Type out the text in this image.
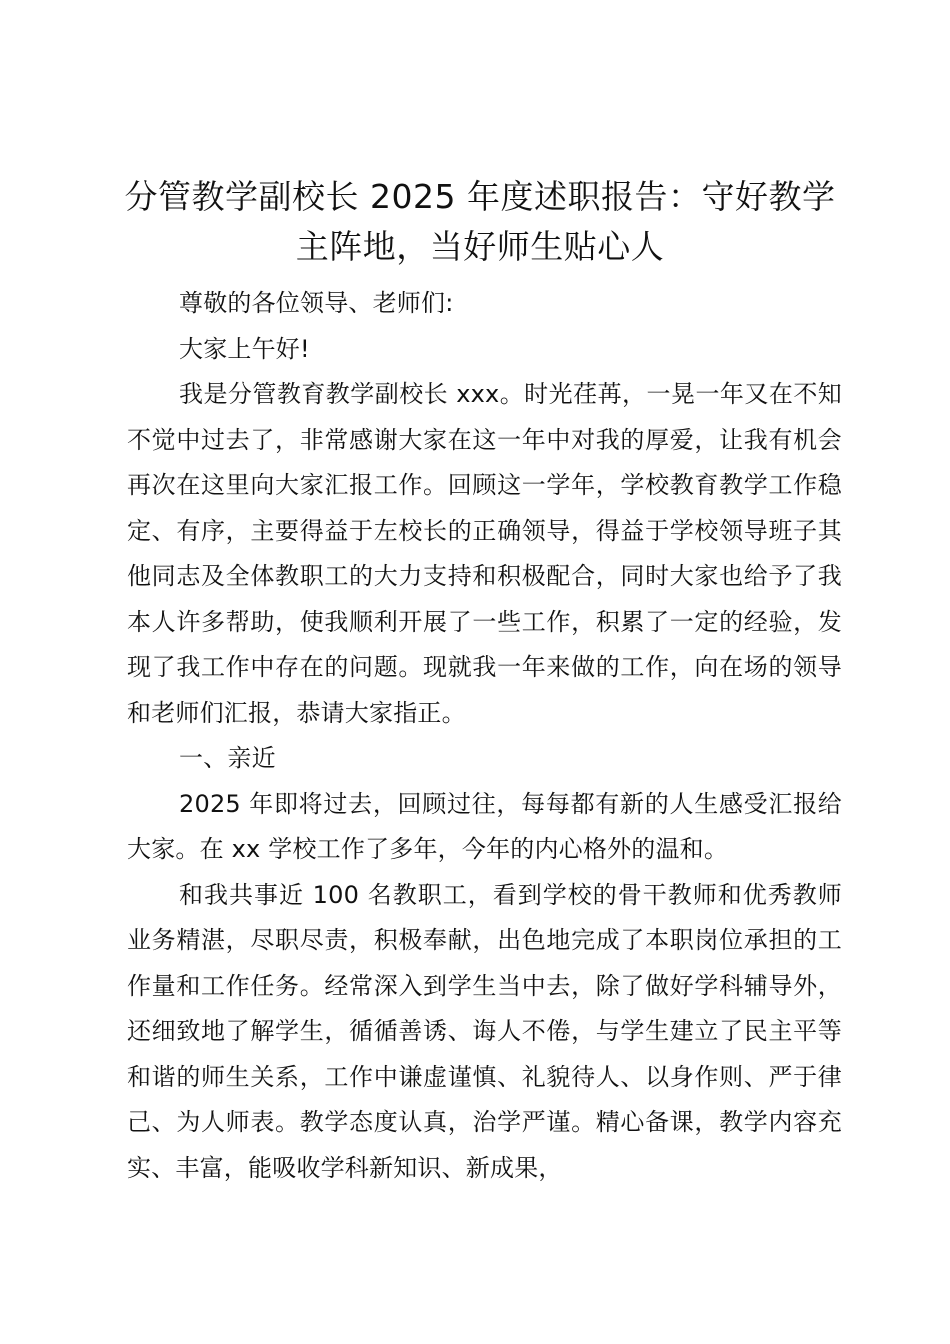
分管教学副校长 2025 年度述职报告：守好教学主阵地，当好师生贴心人

尊敬的各位领导、老师们:

大家上午好!

我是分管教育教学副校长 xxx。时光荏苒，一晃一年又在不知不觉中过去了，非常感谢大家在这一年中对我的厚爱，让我有机会再次在这里向大家汇报工作。回顾这一学年，学校教育教学工作稳定、有序，主要得益于左校长的正确领导，得益于学校领导班子其他同志及全体教职工的大力支持和积极配合，同时大家也给予了我本人许多帮助，使我顺利开展了一些工作，积累了一定的经验，发现了我工作中存在的问题。现就我一年来做的工作，向在场的领导和老师们汇报，恭请大家指正。

一、亲近

2025 年即将过去，回顾过往，每每都有新的人生感受汇报给大家。在 xx 学校工作了多年，今年的内心格外的温和。

和我共事近 100 名教职工，看到学校的骨干教师和优秀教师业务精湛，尽职尽责，积极奉献，出色地完成了本职岗位承担的工作量和工作任务。经常深入到学生当中去，除了做好学科辅导外，还细致地了解学生，循循善诱、诲人不倦，与学生建立了民主平等和谐的师生关系，工作中谦虚谨慎、礼貌待人、以身作则、严于律己、为人师表。教学态度认真，治学严谨。精心备课，教学内容充实、丰富，能吸收学科新知识、新成果，
